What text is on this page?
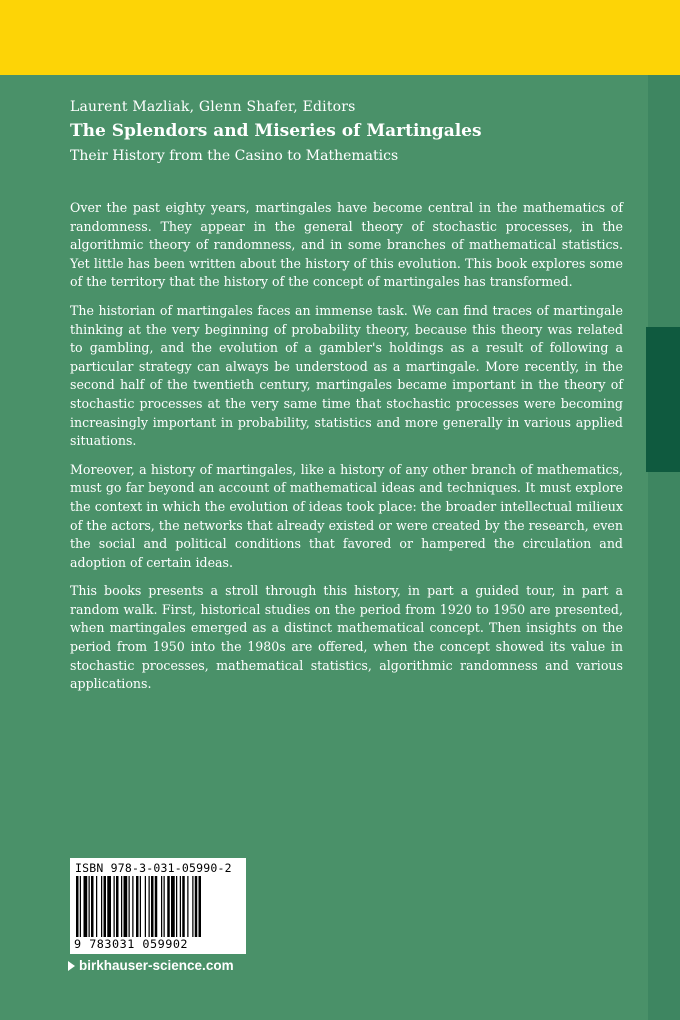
Laurent Mazliak, Glenn Shafer, Editors
The Splendors and Miseries of Martingales
Their History from the Casino to Mathematics

Over the past eighty years, martingales have become central in the mathematics of randomness. They appear in the general theory of stochastic processes, in the algorithmic theory of randomness, and in some branches of mathematical statistics. Yet little has been written about the history of this evolution. This book explores some of the territory that the history of the concept of martingales has transformed.

The historian of martingales faces an immense task. We can find traces of martingale thinking at the very beginning of probability theory, because this theory was related to gambling, and the evolution of a gambler's holdings as a result of following a particular strategy can always be understood as a martingale. More recently, in the second half of the twentieth century, martingales became important in the theory of stochastic processes at the very same time that stochastic processes were becoming increasingly important in probability, statistics and more generally in various applied situations.

Moreover, a history of martingales, like a history of any other branch of mathematics, must go far beyond an account of mathematical ideas and techniques. It must explore the context in which the evolution of ideas took place: the broader intellectual milieux of the actors, the networks that already existed or were created by the research, even the social and political conditions that favored or hampered the circulation and adoption of certain ideas.

This books presents a stroll through this history, in part a guided tour, in part a random walk. First, historical studies on the period from 1920 to 1950 are presented, when martingales emerged as a distinct mathematical concept. Then insights on the period from 1950 into the 1980s are offered, when the concept showed its value in stochastic processes, mathematical statistics, algorithmic randomness and various applications.

ISBN 978-3-031-05990-2
9 783031 059902
birkhauser-science.com
